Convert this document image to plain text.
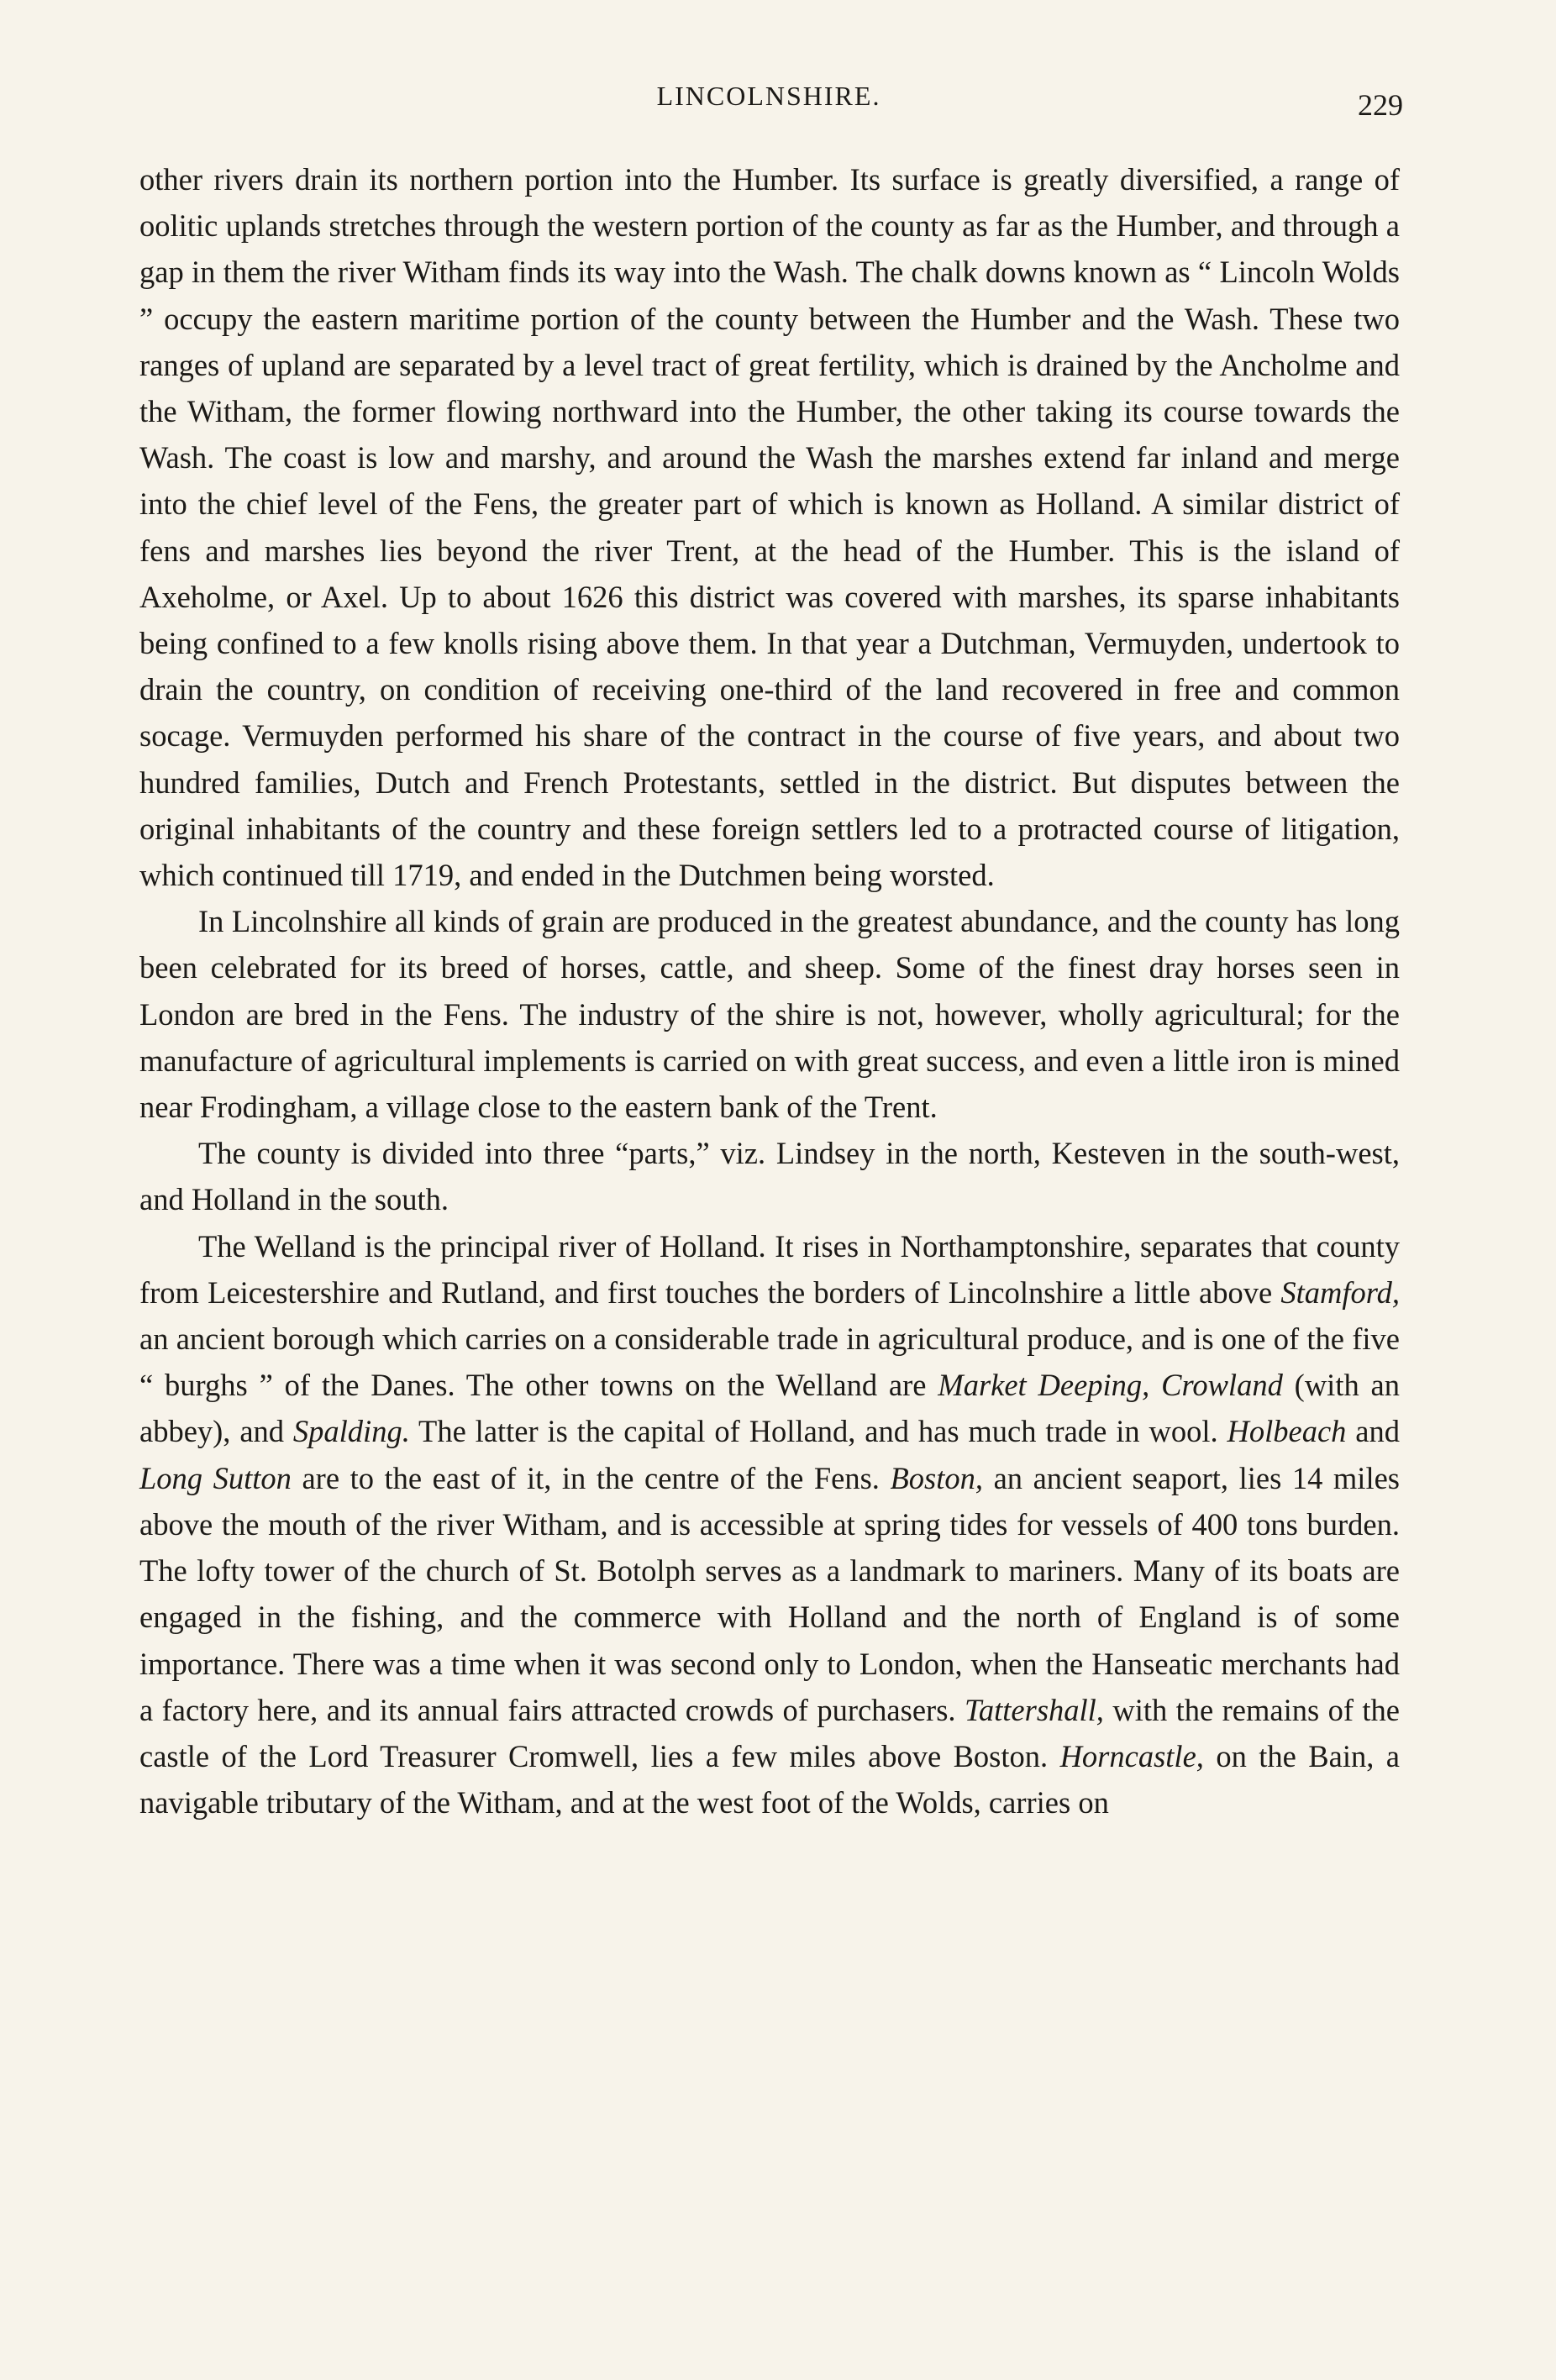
LINCOLNSHIRE.	229

other rivers drain its northern portion into the Humber. Its surface is greatly diversified, a range of oolitic uplands stretches through the western portion of the county as far as the Humber, and through a gap in them the river Witham finds its way into the Wash. The chalk downs known as “ Lincoln Wolds ” occupy the eastern maritime portion of the county between the Humber and the Wash. These two ranges of upland are separated by a level tract of great fertility, which is drained by the Ancholme and the Witham, the former flowing northward into the Humber, the other taking its course towards the Wash. The coast is low and marshy, and around the Wash the marshes extend far inland and merge into the chief level of the Fens, the greater part of which is known as Holland. A similar district of fens and marshes lies beyond the river Trent, at the head of the Humber. This is the island of Axeholme, or Axel. Up to about 1626 this district was covered with marshes, its sparse inhabitants being confined to a few knolls rising above them. In that year a Dutchman, Vermuyden, undertook to drain the country, on condition of receiving one-third of the land recovered in free and common socage. Vermuyden performed his share of the contract in the course of five years, and about two hundred families, Dutch and French Protestants, settled in the district. But disputes between the original inhabitants of the country and these foreign settlers led to a protracted course of litigation, which continued till 1719, and ended in the Dutchmen being worsted.

In Lincolnshire all kinds of grain are produced in the greatest abundance, and the county has long been celebrated for its breed of horses, cattle, and sheep. Some of the finest dray horses seen in London are bred in the Fens. The industry of the shire is not, however, wholly agricultural; for the manufacture of agricultural implements is carried on with great success, and even a little iron is mined near Frodingham, a village close to the eastern bank of the Trent.

The county is divided into three “parts,” viz. Lindsey in the north, Kesteven in the south-west, and Holland in the south.

The Welland is the principal river of Holland. It rises in Northamptonshire, separates that county from Leicestershire and Rutland, and first touches the borders of Lincolnshire a little above Stamford, an ancient borough which carries on a considerable trade in agricultural produce, and is one of the five “ burghs ” of the Danes. The other towns on the Welland are Market Deeping, Crowland (with an abbey), and Spalding. The latter is the capital of Holland, and has much trade in wool. Holbeach and Long Sutton are to the east of it, in the centre of the Fens. Boston, an ancient seaport, lies 14 miles above the mouth of the river Witham, and is accessible at spring tides for vessels of 400 tons burden. The lofty tower of the church of St. Botolph serves as a landmark to mariners. Many of its boats are engaged in the fishing, and the commerce with Holland and the north of England is of some importance. There was a time when it was second only to London, when the Hanseatic merchants had a factory here, and its annual fairs attracted crowds of purchasers. Tattershall, with the remains of the castle of the Lord Treasurer Cromwell, lies a few miles above Boston. Horncastle, on the Bain, a navigable tributary of the Witham, and at the west foot of the Wolds, carries on
